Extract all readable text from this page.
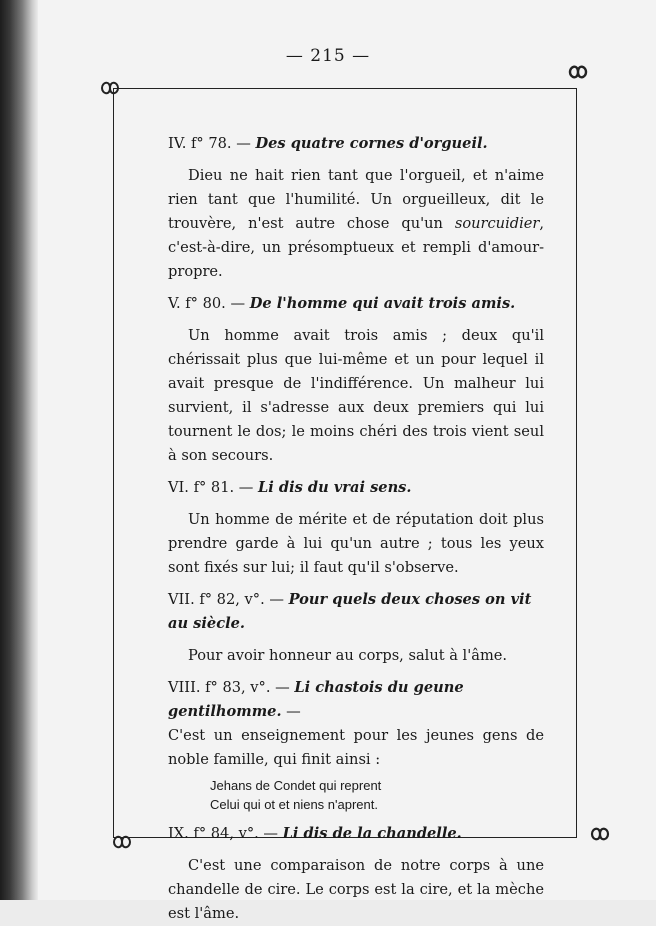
— 215 —

IV. f° 78. — Des quatre cornes d'orgueil.

Dieu ne hait rien tant que l'orgueil, et n'aime rien tant que l'humilité. Un orgueilleux, dit le trouvère, n'est autre chose qu'un sourcuidier, c'est-à-dire, un présomptueux et rempli d'amour-propre.

V. f° 80. — De l'homme qui avait trois amis.

Un homme avait trois amis ; deux qu'il chérissait plus que lui-même et un pour lequel il avait presque de l'indifférence. Un malheur lui survient, il s'adresse aux deux premiers qui lui tournent le dos; le moins chéri des trois vient seul à son secours.

VI. f° 81. — Li dis du vrai sens.

Un homme de mérite et de réputation doit plus prendre garde à lui qu'un autre ; tous les yeux sont fixés sur lui; il faut qu'il s'observe.

VII. f° 82, v°. — Pour quels deux choses on vit au siècle.

Pour avoir honneur au corps, salut à l'âme.

VIII. f° 83, v°. — Li chastois du geune gentilhomme. —

C'est un enseignement pour les jeunes gens de noble famille, qui finit ainsi :

Jehans de Condet qui reprent
Celui qui ot et niens n'aprent.

IX. f° 84, v°. — Li dis de la chandelle.

C'est une comparaison de notre corps à une chandelle de cire. Le corps est la cire, et la mèche est l'âme.
